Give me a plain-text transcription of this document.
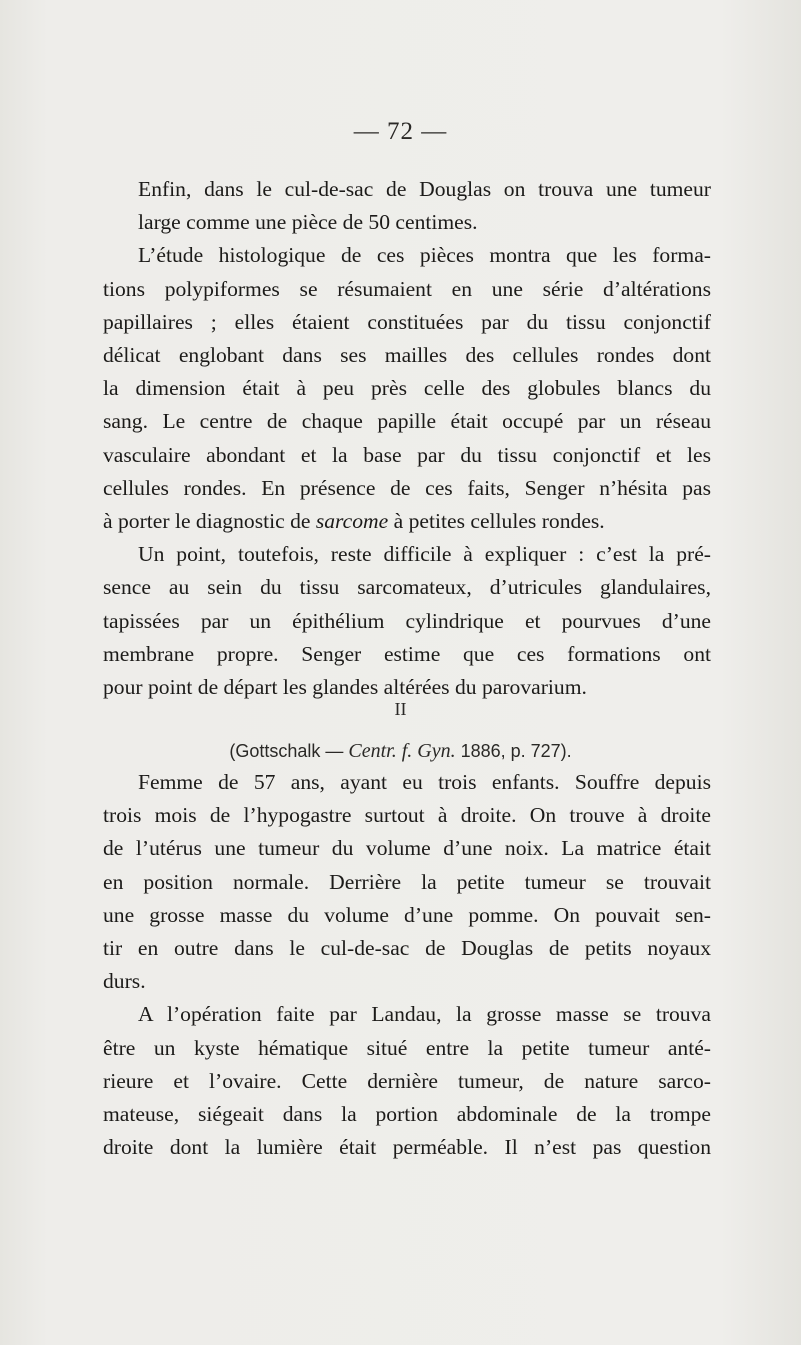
— 72 —

Enfin, dans le cul-de-sac de Douglas on trouva une tumeur
large comme une pièce de 50 centimes.

L’étude histologique de ces pièces montra que les forma-
tions polypiformes se résumaient en une série d’altérations
papillaires ; elles étaient constituées par du tissu conjonctif
délicat englobant dans ses mailles des cellules rondes dont
la dimension était à peu près celle des globules blancs du
sang. Le centre de chaque papille était occupé par un réseau
vasculaire abondant et la base par du tissu conjonctif et les
cellules rondes. En présence de ces faits, Senger n’hésita pas
à porter le diagnostic de sarcome à petites cellules rondes.

Un point, toutefois, reste difficile à expliquer : c’est la pré-
sence au sein du tissu sarcomateux, d’utricules glandulaires,
tapissées par un épithélium cylindrique et pourvues d’une
membrane propre. Senger estime que ces formations ont
pour point de départ les glandes altérées du parovarium.

II
(Gottschalk — Centr. f. Gyn. 1886, p. 727).

Femme de 57 ans, ayant eu trois enfants. Souffre depuis
trois mois de l’hypogastre surtout à droite. On trouve à droite
de l’utérus une tumeur du volume d’une noix. La matrice était
en position normale. Derrière la petite tumeur se trouvait
une grosse masse du volume d’une pomme. On pouvait sen-
tir en outre dans le cul-de-sac de Douglas de petits noyaux
durs.

A l’opération faite par Landau, la grosse masse se trouva
être un kyste hématique situé entre la petite tumeur anté-
rieure et l’ovaire. Cette dernière tumeur, de nature sarco-
mateuse, siégeait dans la portion abdominale de la trompe
droite dont la lumière était perméable. Il n’est pas question
